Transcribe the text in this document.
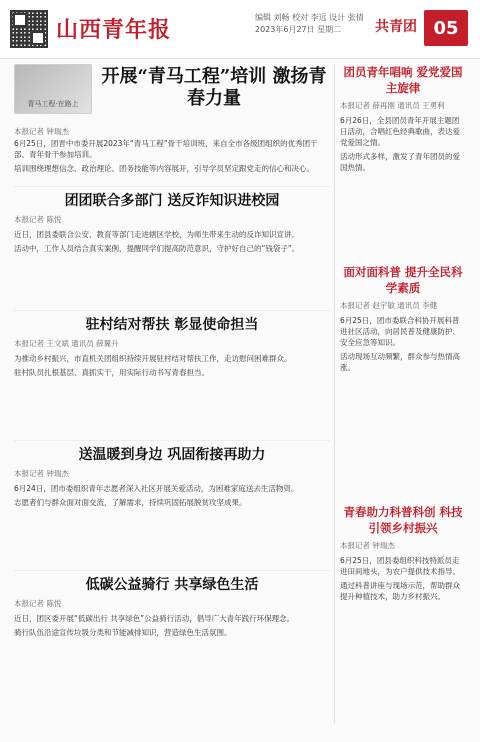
山西青年报	编辑 刘畅 校对 李远 设计 张倩
2023年6月27日 星期二	共青团 05
青马工程·在路上
开展“青马工程”培训 激扬青春力量
本报记者 钟瑞杰
6月25日，团晋中市委开展2023年“青马工程”骨干培训班，来自全市各级团组织的优秀团干部、青年骨干参加培训。
培训围绕理想信念、政治理论、团务技能等内容展开，引导学员坚定跟党走的信心和决心。
团团联合多部门 送反诈知识进校园
本报记者 陈悦
近日，团县委联合公安、教育等部门走进辖区学校，为师生带来生动的反诈知识宣讲。
活动中，工作人员结合真实案例，提醒同学们提高防范意识，守护好自己的“钱袋子”。
驻村结对帮扶 彰显使命担当
本报记者 王文斌 通讯员 薛翼升
为推动乡村振兴，市直机关团组织持续开展驻村结对帮扶工作，走访慰问困难群众。
驻村队员扎根基层、真抓实干，用实际行动书写青春担当。
送温暖到身边 巩固衔接再助力
本报记者 钟瑞杰
6月24日，团市委组织青年志愿者深入社区开展关爱活动，为困难家庭送去生活物资。
志愿者们与群众面对面交流，了解需求，持续巩固拓展脱贫攻坚成果。
低碳公益骑行 共享绿色生活
本报记者 陈悦
近日，团区委开展“低碳出行 共享绿色”公益骑行活动，倡导广大青年践行环保理念。
骑行队伍沿途宣传垃圾分类和节能减排知识，营造绿色生活氛围。
团员青年唱响 爱党爱国主旋律
本报记者 薛再刚 通讯员 王勇利
6月26日，全县团员青年开展主题团日活动，合唱红色经典歌曲，表达爱党爱国之情。
活动形式多样，激发了青年团员的爱国热情。
面对面科普 提升全民科学素质
本报记者 赵宇敏 通讯员 李健
6月25日，团市委联合科协开展科普进社区活动，向居民普及健康防护、安全应急等知识。
活动现场互动频繁，群众参与热情高涨。
青春助力科普科创 科技引领乡村振兴
本报记者 钟瑞杰
6月25日，团县委组织科技特派员走进田间地头，为农户提供技术指导。
通过科普讲座与现场示范，帮助群众提升种植技术，助力乡村振兴。
